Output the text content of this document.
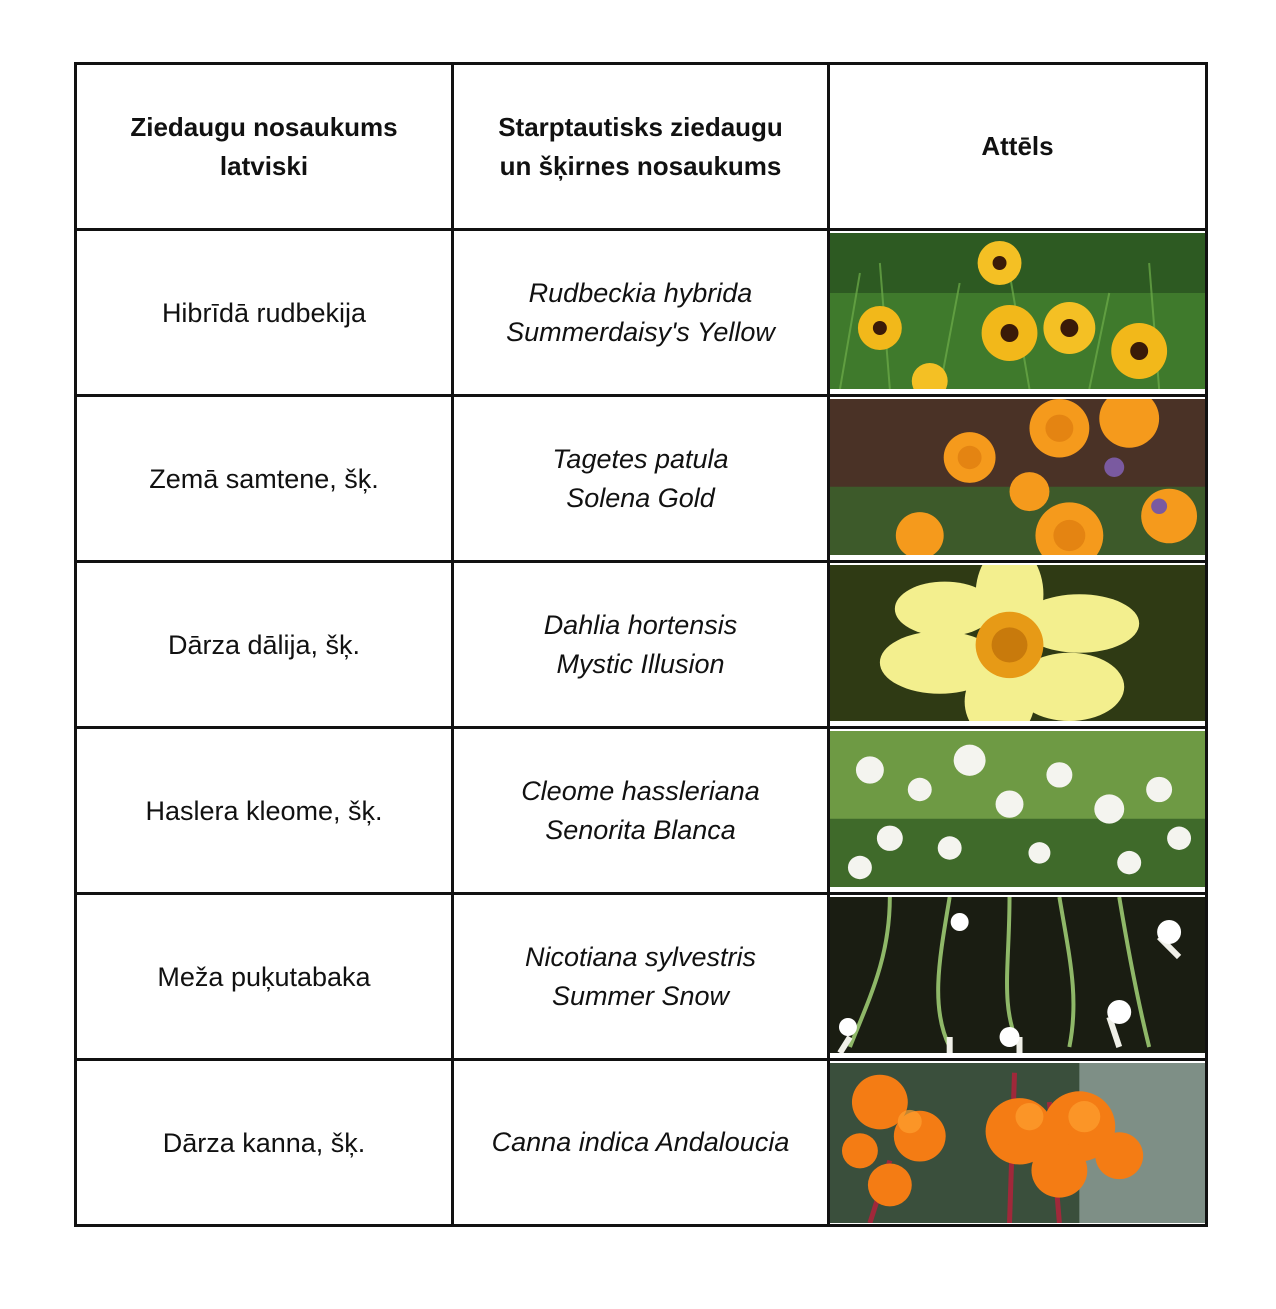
Ziedaugu nosaukums latviski	Starptautisks ziedaugu un šķirnes nosaukums	Attēls
Hibrīdā rudbekija	Rudbeckia hybrida
Summerdaisy's Yellow

Zemā samtene, šķ.	Tagetes patula
Solena Gold

Dārza dālija, šķ.	Dahlia hortensis
Mystic Illusion

Haslera kleome, šķ.	Cleome hassleriana
Senorita Blanca

Meža puķutabaka	Nicotiana sylvestris
Summer Snow

Dārza kanna, šķ.	Canna indica Andaloucia
